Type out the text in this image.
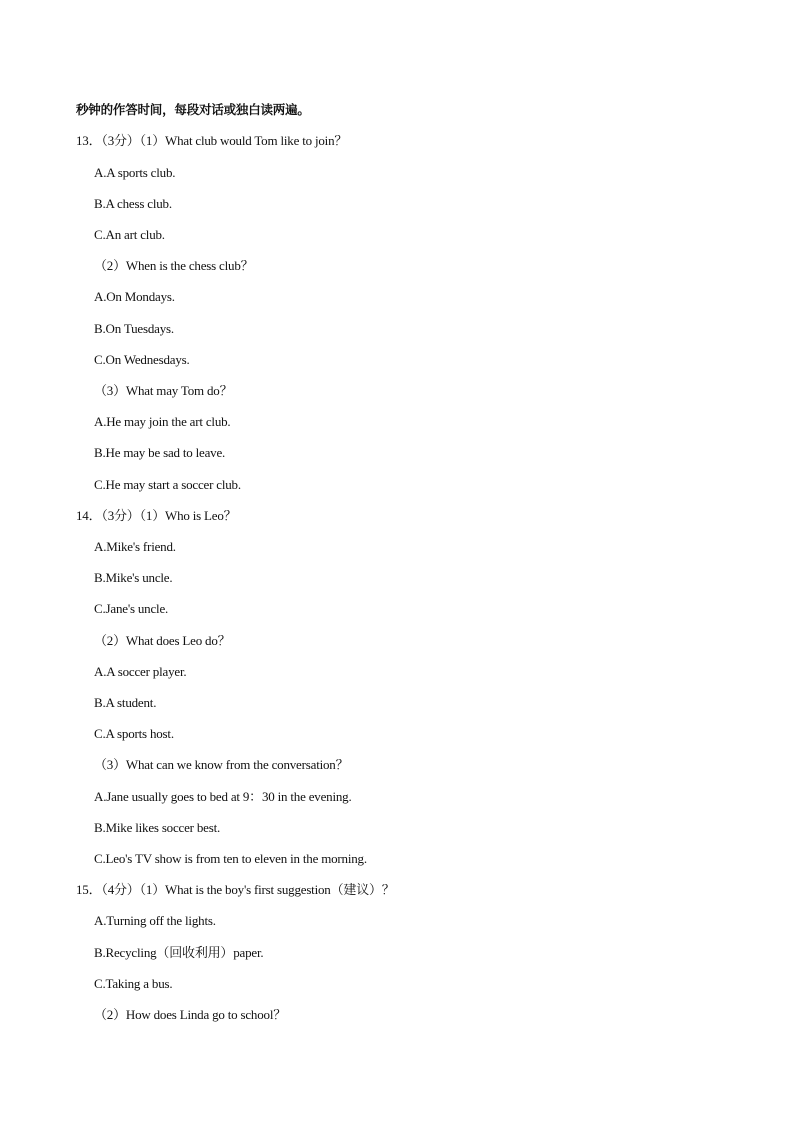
秒钟的作答时间，每段对话或独白读两遍。
13．（3分）（1）What club would Tom like to join？
A.A sports club.
B.A chess club.
C.An art club.
（2）When is the chess club？
A.On Mondays.
B.On Tuesdays.
C.On Wednesdays.
（3）What may Tom do？
A.He may join the art club.
B.He may be sad to leave.
C.He may start a soccer club.
14．（3分）（1）Who is Leo？
A.Mike's friend.
B.Mike's uncle.
C.Jane's uncle.
（2）What does Leo do？
A.A soccer player.
B.A student.
C.A sports host.
（3）What can we know from the conversation？
A.Jane usually goes to bed at 9：30 in the evening.
B.Mike likes soccer best.
C.Leo's TV show is from ten to eleven in the morning.
15．（4分）（1）What is the boy's first suggestion（建议）？
A.Turning off the lights.
B.Recycling（回收利用）paper.
C.Taking a bus.
（2）How does Linda go to school？
